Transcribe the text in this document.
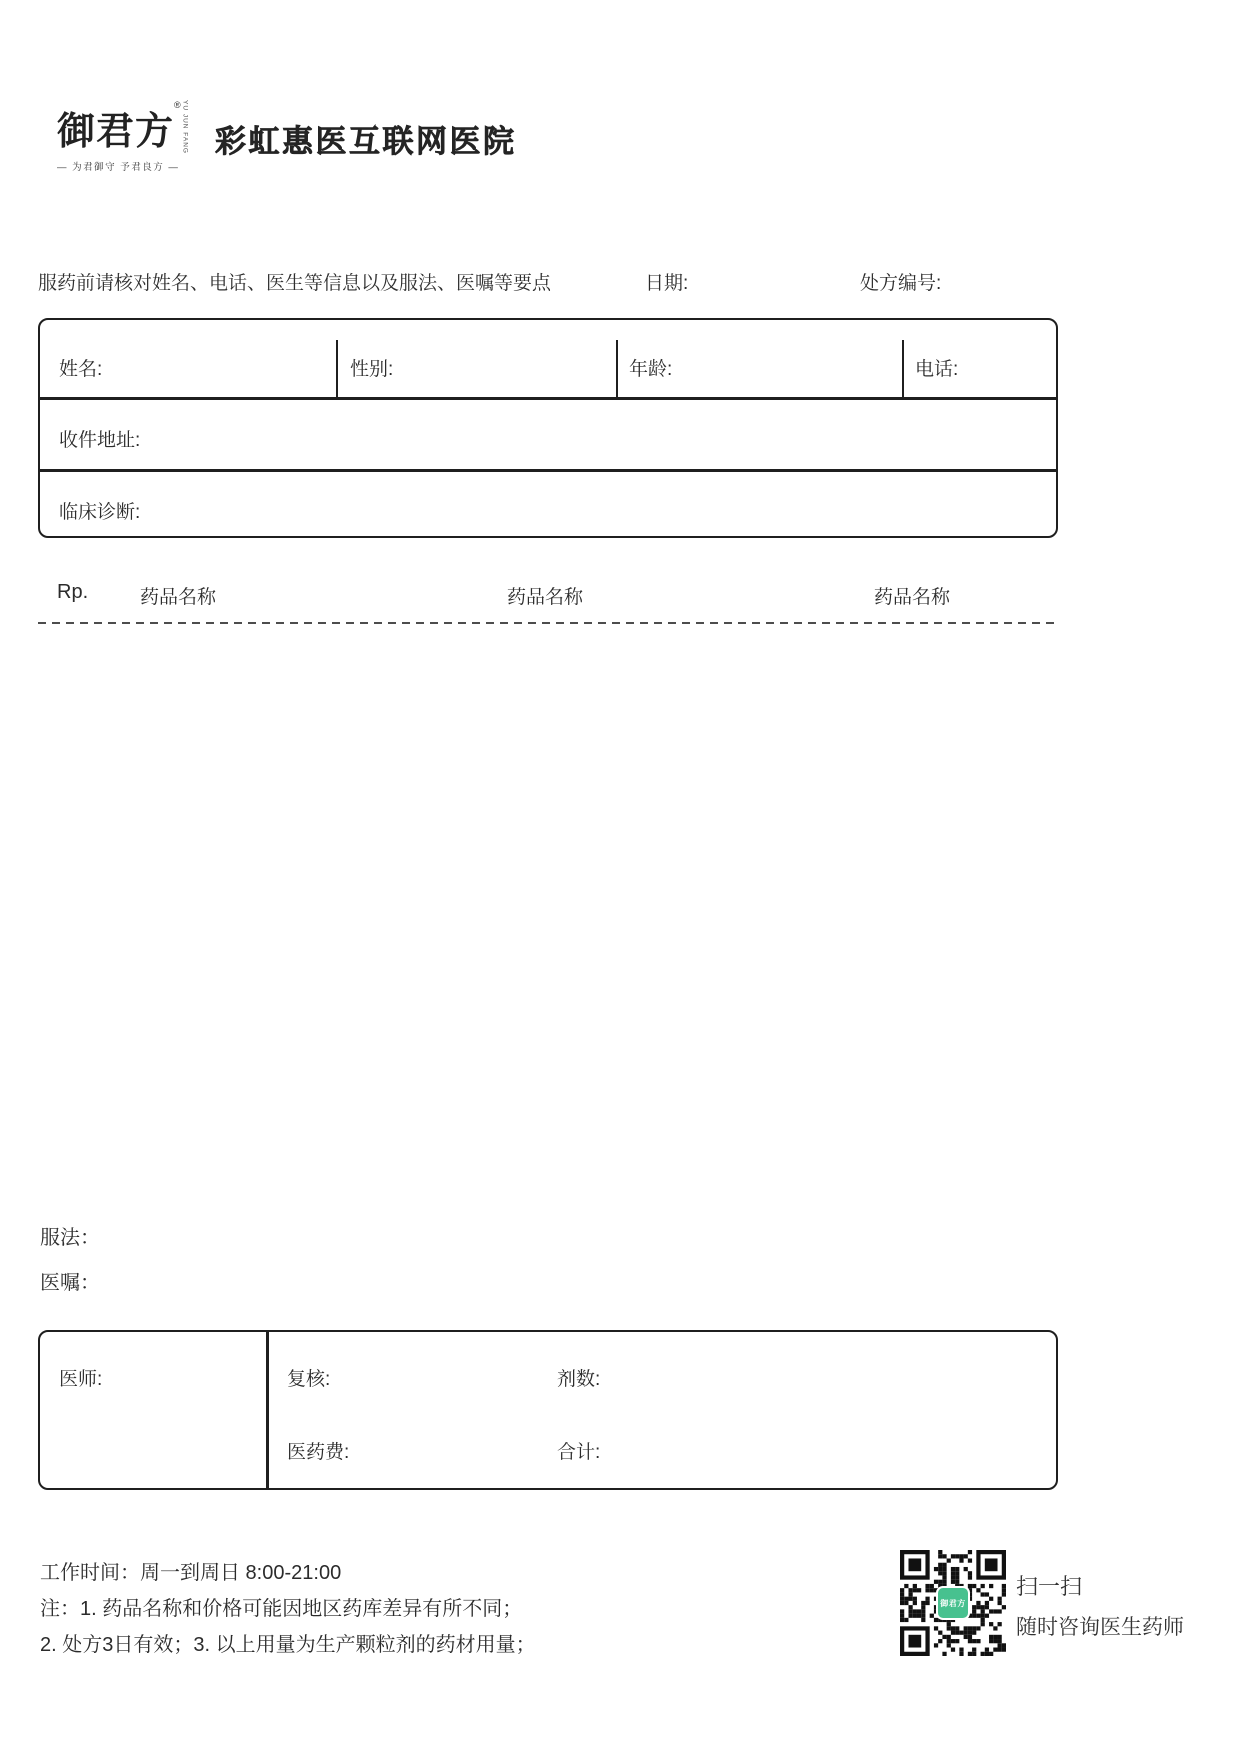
御君方®YU JUN FANG
— 为君御守 予君良方 —
彩虹惠医互联网医院
服药前请核对姓名、电话、医生等信息以及服法、医嘱等要点	日期:	处方编号:
姓名:	性别:	年龄:	电话:
收件地址:
临床诊断:
Rp.	药品名称	药品名称	药品名称
服法：
医嘱：
医师:	复核:	剂数:
医药费:	合计:
工作时间：周一到周日 8:00-21:00
注：1. 药品名称和价格可能因地区药库差异有所不同；
2. 处方3日有效；3. 以上用量为生产颗粒剂的药材用量；
御君方
扫一扫
随时咨询医生药师
